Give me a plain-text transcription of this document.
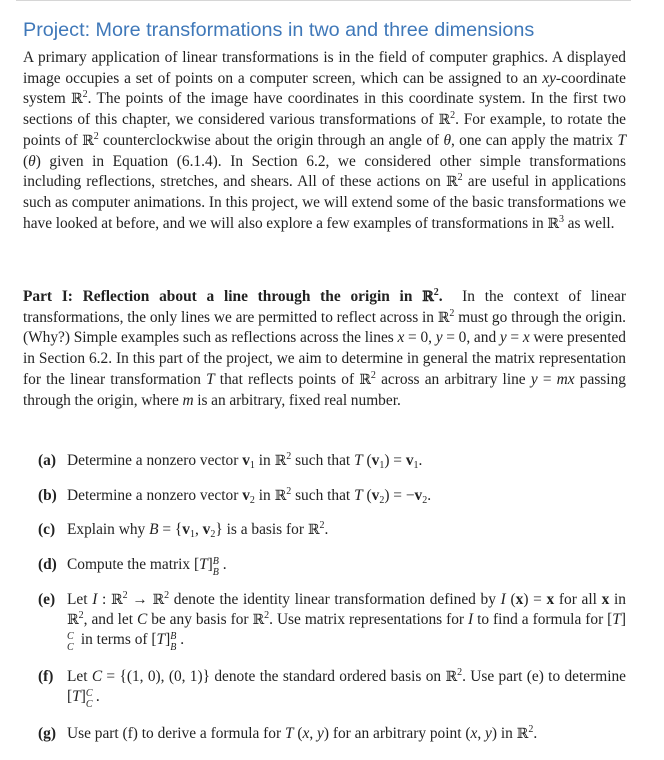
Project: More transformations in two and three dimensions
A primary application of linear transformations is in the field of computer graphics. A displayed image occupies a set of points on a computer screen, which can be assigned to an xy-coordinate system ℝ$^2$. The points of the image have coordinates in this coordinate system. In the first two sections of this chapter, we considered various transformations of ℝ$^2$. For example, to rotate the points of ℝ$^2$ counterclockwise about the origin through an angle of θ, one can apply the matrix T (θ) given in Equation (6.1.4). In Section 6.2, we considered other simple transformations including reflections, stretches, and shears. All of these actions on ℝ$^2$ are useful in applications such as computer animations. In this project, we will extend some of the basic transformations we have looked at before, and we will also explore a few examples of transformations in ℝ$^3$ as well.
Part I: Reflection about a line through the origin in ℝ$^2$.  In the context of linear transformations, the only lines we are permitted to reflect across in ℝ$^2$ must go through the origin. (Why?) Simple examples such as reflections across the lines x = 0, y = 0, and y = x were presented in Section 6.2. In this part of the project, we aim to determine in general the matrix representation for the linear transformation T that reflects points of ℝ$^2$ across an arbitrary line y = mx passing through the origin, where m is an arbitrary, fixed real number.
(a) Determine a nonzero vector $v_1$ in ℝ$^2$ such that T $(v_1) = v_1$.
(b) Determine a nonzero vector $v_2$ in ℝ$^2$ such that T $(v_2) = -v_2$.
(c) Explain why $B = \{v_1$, $v_2$} is a basis for ℝ$^2$.
(d) Compute the matrix [T] B
B .
(e) Let I : ℝ$^2$ → ℝ$^2$ denote the identity linear transformation defined by I (x) = x for all x in ℝ$^2$, and let C be any basis for ℝ$^2$. Use matrix representations for I to find a formula for [T]
C
C in terms of [T] B
B .
(f) Let C = {(1, 0), (0, 1)} denote the standard ordered basis on ℝ$^2$. Use part (e) to determine [T] C
C .
(g) Use part (f) to derive a formula for T (x, y) for an arbitrary point (x, y) in ℝ$^2$.
